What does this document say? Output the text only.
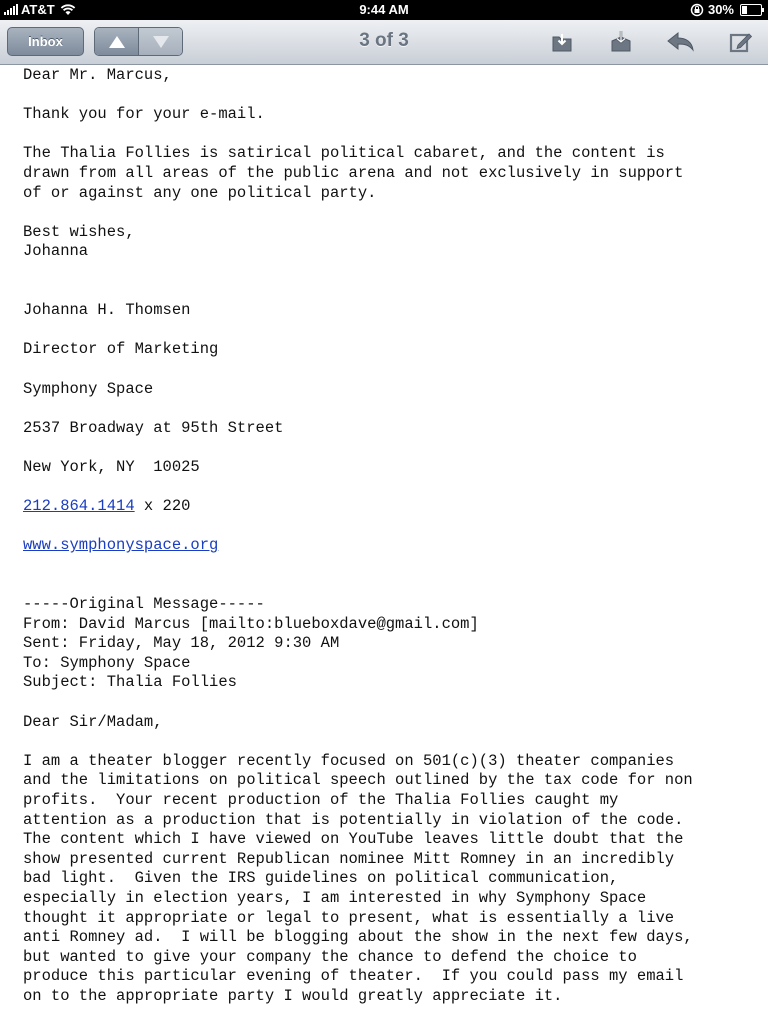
AT&T	9:44 AM	30%
Inbox	3 of 3
Dear Mr. Marcus,
Thank you for your e-mail.
The Thalia Follies is satirical political cabaret, and the content is
drawn from all areas of the public arena and not exclusively in support
of or against any one political party.
Best wishes,
Johanna
Johanna H. Thomsen
Director of Marketing
Symphony Space
2537 Broadway at 95th Street
New York, NY  10025
212.864.1414 x 220
www.symphonyspace.org
-----Original Message-----
From: David Marcus [mailto:blueboxdave@gmail.com]
Sent: Friday, May 18, 2012 9:30 AM
To: Symphony Space
Subject: Thalia Follies
Dear Sir/Madam,
I am a theater blogger recently focused on 501(c)(3) theater companies
and the limitations on political speech outlined by the tax code for non
profits.  Your recent production of the Thalia Follies caught my
attention as a production that is potentially in violation of the code.
The content which I have viewed on YouTube leaves little doubt that the
show presented current Republican nominee Mitt Romney in an incredibly
bad light.  Given the IRS guidelines on political communication,
especially in election years, I am interested in why Symphony Space
thought it appropriate or legal to present, what is essentially a live
anti Romney ad.  I will be blogging about the show in the next few days,
but wanted to give your company the chance to defend the choice to
produce this particular evening of theater.  If you could pass my email
on to the appropriate party I would greatly appreciate it.
